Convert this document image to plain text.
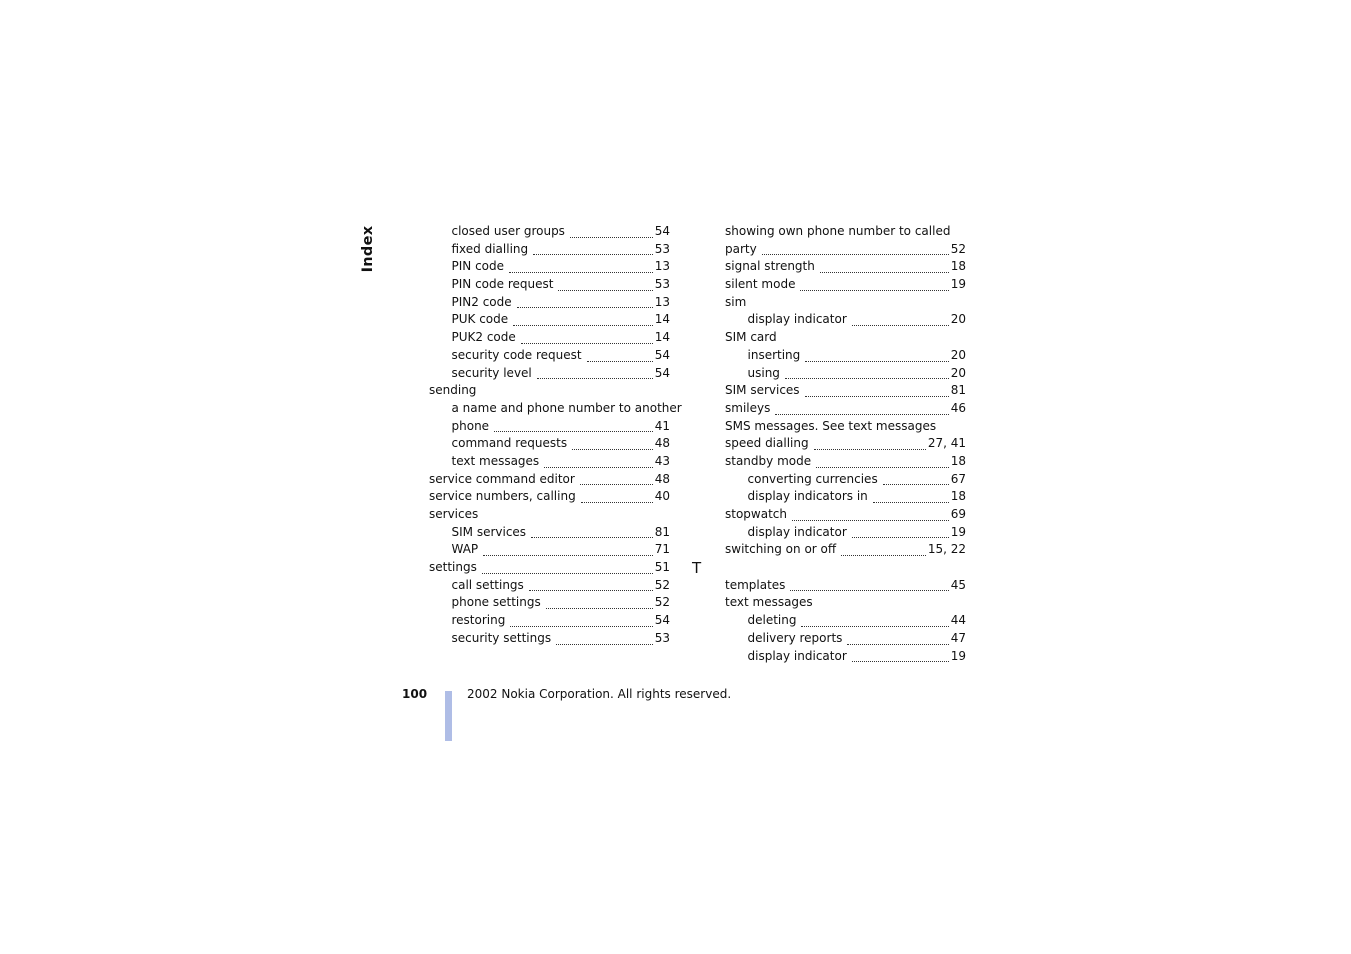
Index	closed user groups	54
fixed dialling	53
PIN code	13
PIN code request	53
PIN2 code	13
PUK code	14
PUK2 code	14
security code request	54
security level	54
sending
a name and phone number to another
phone	41
command requests	48
text messages	43
service command editor	48
service numbers, calling	40
services
SIM services	81
WAP	71
settings	51
call settings	52
phone settings	52
restoring	54
security settings	53
showing own phone number to called
party	52
signal strength	18
silent mode	19
sim
display indicator	20
SIM card
inserting	20
using	20
SIM services	81
smileys	46
SMS messages. See text messages
speed dialling	27, 41
standby mode	18
converting currencies	67
display indicators in	18
stopwatch	69
display indicator	19
switching on or off	15, 22
templates	45
text messages
deleting	44
delivery reports	47
display indicator	19
T
100	2002 Nokia Corporation. All rights reserved.
